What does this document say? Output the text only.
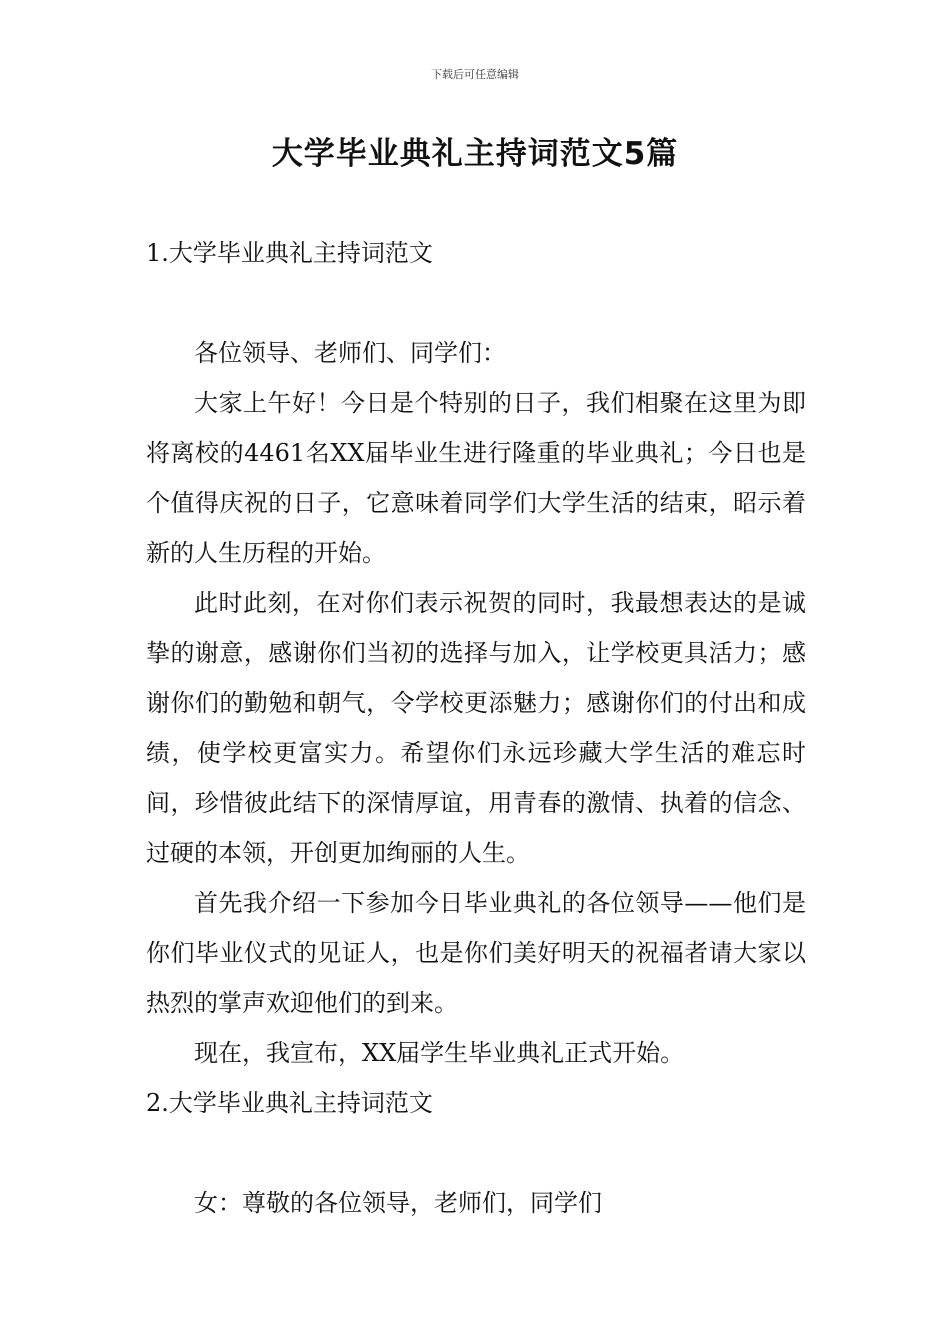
下载后可任意编辑
大学毕业典礼主持词范文5篇
1.大学毕业典礼主持词范文

各位领导、老师们、同学们：

大家上午好！今日是个特别的日子，我们相聚在这里为即将离校的4461名XX届毕业生进行隆重的毕业典礼；今日也是个值得庆祝的日子，它意味着同学们大学生活的结束，昭示着新的人生历程的开始。

此时此刻，在对你们表示祝贺的同时，我最想表达的是诚挚的谢意，感谢你们当初的选择与加入，让学校更具活力；感谢你们的勤勉和朝气，令学校更添魅力；感谢你们的付出和成绩，使学校更富实力。希望你们永远珍藏大学生活的难忘时间，珍惜彼此结下的深情厚谊，用青春的激情、执着的信念、过硬的本领，开创更加绚丽的人生。

首先我介绍一下参加今日毕业典礼的各位领导——他们是你们毕业仪式的见证人，也是你们美好明天的祝福者请大家以热烈的掌声欢迎他们的到来。

现在，我宣布，XX届学生毕业典礼正式开始。

2.大学毕业典礼主持词范文

女：尊敬的各位领导，老师们，同学们
